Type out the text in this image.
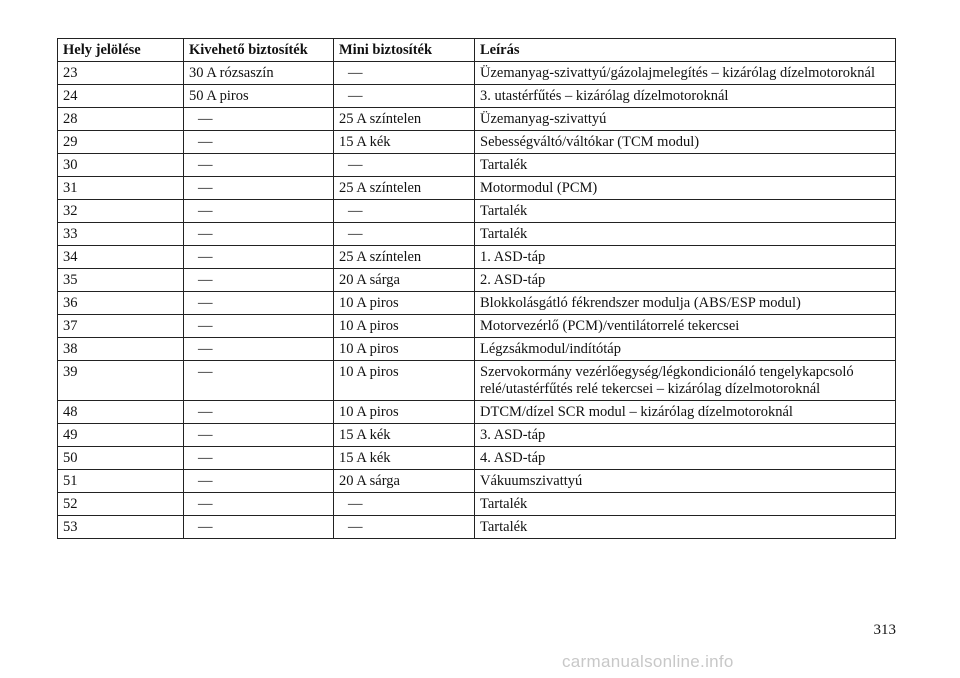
Hely jelölése	Kivehető biztosíték	Mini biztosíték	Leírás
23	30 A rózsaszín	—	Üzemanyag-szivattyú/gázolajmelegítés – kizárólag dízelmotoroknál
24	50 A piros	—	3. utastérfűtés – kizárólag dízelmotoroknál
28	—	25 A színtelen	Üzemanyag-szivattyú
29	—	15 A kék	Sebességváltó/váltókar (TCM modul)
30	—	—	Tartalék
31	—	25 A színtelen	Motormodul (PCM)
32	—	—	Tartalék
33	—	—	Tartalék
34	—	25 A színtelen	1. ASD-táp
35	—	20 A sárga	2. ASD-táp
36	—	10 A piros	Blokkolásgátló fékrendszer modulja (ABS/ESP modul)
37	—	10 A piros	Motorvezérlő (PCM)/ventilátorrelé tekercsei
38	—	10 A piros	Légzsákmodul/indítótáp
39	—	10 A piros	Szervokormány vezérlőegység/légkondicionáló tengelykapcsoló relé/utastérfűtés relé tekercsei – kizárólag dízelmotoroknál
48	—	10 A piros	DTCM/dízel SCR modul – kizárólag dízelmotoroknál
49	—	15 A kék	3. ASD-táp
50	—	15 A kék	4. ASD-táp
51	—	20 A sárga	Vákuumszivattyú
52	—	—	Tartalék
53	—	—	Tartalék
313
carmanualsonline.info
